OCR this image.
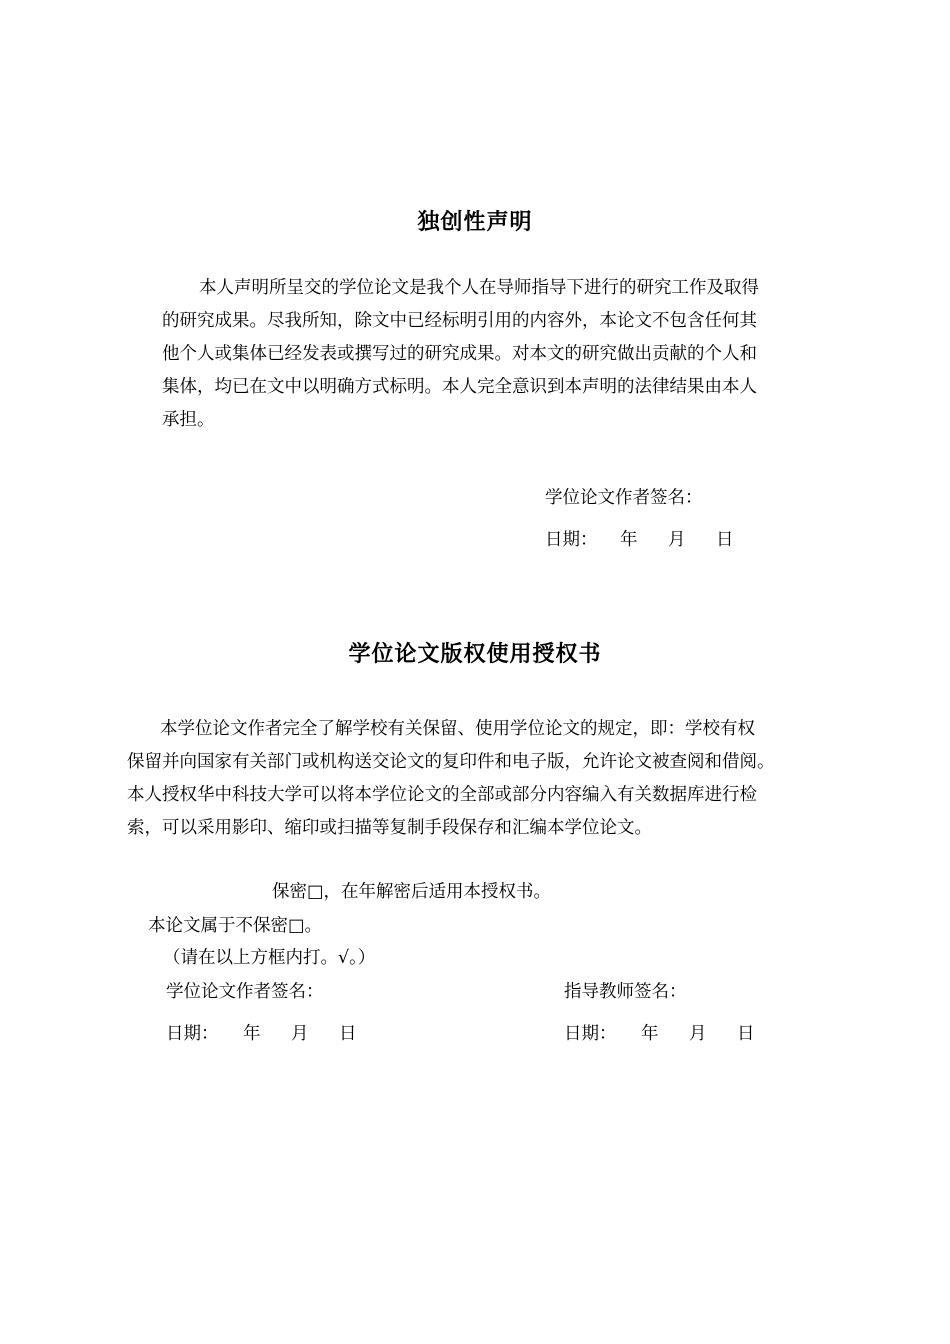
独创性声明
本人声明所呈交的学位论文是我个人在导师指导下进行的研究工作及取得
的研究成果。尽我所知，除文中已经标明引用的内容外，本论文不包含任何其
他个人或集体已经发表或撰写过的研究成果。对本文的研究做出贡献的个人和
集体，均已在文中以明确方式标明。本人完全意识到本声明的法律结果由本人
承担。
学位论文作者签名：
日期： 年 月 日
学位论文版权使用授权书
本学位论文作者完全了解学校有关保留、使用学位论文的规定，即：学校有权
保留并向国家有关部门或机构送交论文的复印件和电子版，允许论文被查阅和借阅。
本人授权华中科技大学可以将本学位论文的全部或部分内容编入有关数据库进行检
索，可以采用影印、缩印或扫描等复制手段保存和汇编本学位论文。
保密□，在年解密后适用本授权书。
本论文属于不保密□。
（请在以上方框内打。√。）
学位论文作者签名：	指导教师签名：
日期： 年 月 日	日期： 年 月 日
